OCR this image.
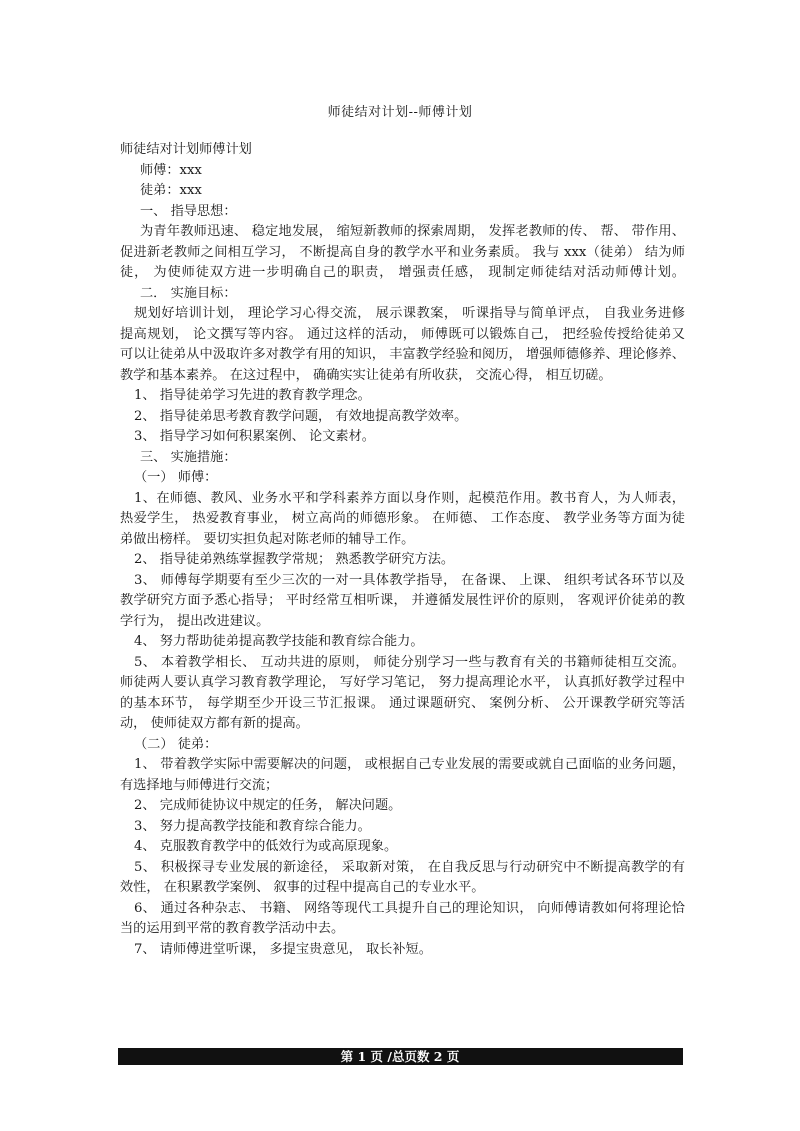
师徒结对计划--师傅计划
师徒结对计划师傅计划
师傅：xxx
徒弟：xxx
一、 指导思想：
为青年教师迅速、 稳定地发展， 缩短新教师的探索周期， 发挥老教师的传、 帮、 带作用、
促进新老教师之间相互学习， 不断提高自身的教学水平和业务素质。 我与 xxx（徒弟） 结为师
徒， 为使师徒双方进一步明确自己的职责， 增强责任感， 现制定师徒结对活动师傅计划。
二． 实施目标：
规划好培训计划， 理论学习心得交流， 展示课教案， 听课指导与简单评点， 自我业务进修
提高规划， 论文撰写等内容。 通过这样的活动， 师傅既可以锻炼自己， 把经验传授给徒弟又
可以让徒弟从中汲取许多对教学有用的知识， 丰富教学经验和阅历， 增强师德修养、理论修养、
教学和基本素养。 在这过程中， 确确实实让徒弟有所收获， 交流心得， 相互切磋。
1、 指导徒弟学习先进的教育教学理念。
2、 指导徒弟思考教育教学问题， 有效地提高教学效率。
3、 指导学习如何积累案例、 论文素材。
三、 实施措施：
（一） 师傅：
1、在师德、教风、业务水平和学科素养方面以身作则，起模范作用。教书育人，为人师表，
热爱学生， 热爱教育事业， 树立高尚的师德形象。 在师德、 工作态度、 教学业务等方面为徒
弟做出榜样。 要切实担负起对陈老师的辅导工作。
2、 指导徒弟熟练掌握教学常规； 熟悉教学研究方法。
3、 师傅每学期要有至少三次的一对一具体教学指导， 在备课、 上课、 组织考试各环节以及
教学研究方面予悉心指导； 平时经常互相听课， 并遵循发展性评价的原则， 客观评价徒弟的教
学行为， 提出改进建议。
4、 努力帮助徒弟提高教学技能和教育综合能力。
5、 本着教学相长、 互动共进的原则， 师徒分别学习一些与教育有关的书籍师徒相互交流。
师徒两人要认真学习教育教学理论， 写好学习笔记， 努力提高理论水平， 认真抓好教学过程中
的基本环节， 每学期至少开设三节汇报课。 通过课题研究、 案例分析、 公开课教学研究等活
动， 使师徒双方都有新的提高。
（二） 徒弟：
1、 带着教学实际中需要解决的问题， 或根据自己专业发展的需要或就自己面临的业务问题，
有选择地与师傅进行交流；
2、 完成师徒协议中规定的任务， 解决问题。
3、 努力提高教学技能和教育综合能力。
4、 克服教育教学中的低效行为或高原现象。
5、 积极探寻专业发展的新途径， 采取新对策， 在自我反思与行动研究中不断提高教学的有
效性， 在积累教学案例、 叙事的过程中提高自己的专业水平。
6、 通过各种杂志、 书籍、 网络等现代工具提升自己的理论知识， 向师傅请教如何将理论恰
当的运用到平常的教育教学活动中去。
7、 请师傅进堂听课， 多提宝贵意见， 取长补短。
第 1 页 /总页数 2 页
